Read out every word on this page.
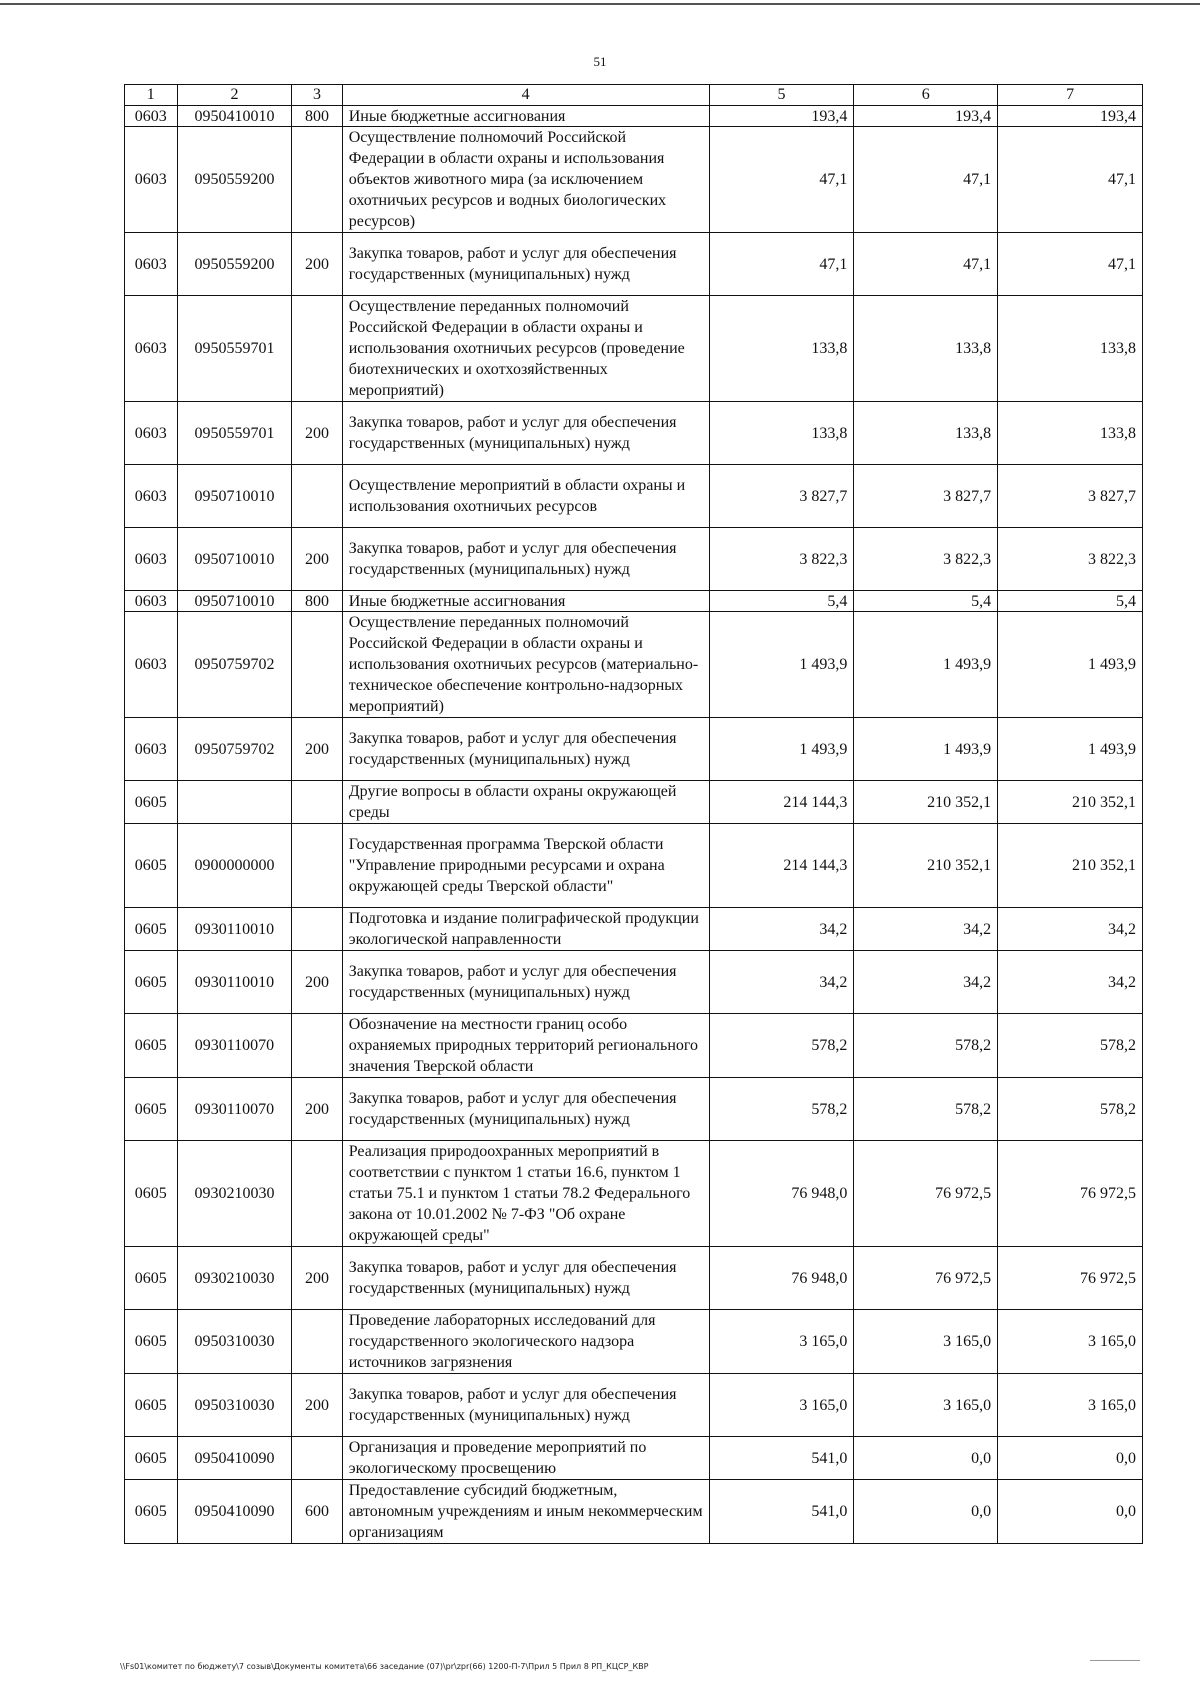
51
1	2	3	4	5	6	7
0603	0950410010	800	Иные бюджетные ассигнования	193,4	193,4	193,4
0603	0950559200		Осуществление полномочий Российской Федерации в области охраны и использования объектов животного мира (за исключением охотничьих ресурсов и водных биологических ресурсов)	47,1	47,1	47,1
0603	0950559200	200	Закупка товаров, работ и услуг для обеспечения государственных (муниципальных) нужд	47,1	47,1	47,1
0603	0950559701		Осуществление переданных полномочий Российской Федерации в области охраны и использования охотничьих ресурсов (проведение биотехнических и охотхозяйственных мероприятий)	133,8	133,8	133,8
0603	0950559701	200	Закупка товаров, работ и услуг для обеспечения государственных (муниципальных) нужд	133,8	133,8	133,8
0603	0950710010		Осуществление мероприятий в области охраны и использования охотничьих ресурсов	3 827,7	3 827,7	3 827,7
0603	0950710010	200	Закупка товаров, работ и услуг для обеспечения государственных (муниципальных) нужд	3 822,3	3 822,3	3 822,3
0603	0950710010	800	Иные бюджетные ассигнования	5,4	5,4	5,4
0603	0950759702		Осуществление переданных полномочий Российской Федерации в области охраны и использования охотничьих ресурсов (материально-техническое обеспечение контрольно-надзорных мероприятий)	1 493,9	1 493,9	1 493,9
0603	0950759702	200	Закупка товаров, работ и услуг для обеспечения государственных (муниципальных) нужд	1 493,9	1 493,9	1 493,9
0605			Другие вопросы в области охраны окружающей среды	214 144,3	210 352,1	210 352,1
0605	0900000000		Государственная программа Тверской области "Управление природными ресурсами и охрана окружающей среды Тверской области"	214 144,3	210 352,1	210 352,1
0605	0930110010		Подготовка и издание полиграфической продукции экологической направленности	34,2	34,2	34,2
0605	0930110010	200	Закупка товаров, работ и услуг для обеспечения государственных (муниципальных) нужд	34,2	34,2	34,2
0605	0930110070		Обозначение на местности границ особо охраняемых природных территорий регионального значения Тверской области	578,2	578,2	578,2
0605	0930110070	200	Закупка товаров, работ и услуг для обеспечения государственных (муниципальных) нужд	578,2	578,2	578,2
0605	0930210030		Реализация природоохранных мероприятий в соответствии с пунктом 1 статьи 16.6, пунктом 1 статьи 75.1 и пунктом 1 статьи 78.2 Федерального закона от 10.01.2002 № 7-ФЗ "Об охране окружающей среды"	76 948,0	76 972,5	76 972,5
0605	0930210030	200	Закупка товаров, работ и услуг для обеспечения государственных (муниципальных) нужд	76 948,0	76 972,5	76 972,5
0605	0950310030		Проведение лабораторных исследований для государственного экологического надзора источников загрязнения	3 165,0	3 165,0	3 165,0
0605	0950310030	200	Закупка товаров, работ и услуг для обеспечения государственных (муниципальных) нужд	3 165,0	3 165,0	3 165,0
0605	0950410090		Организация и проведение мероприятий по экологическому просвещению	541,0	0,0	0,0
0605	0950410090	600	Предоставление субсидий бюджетным, автономным учреждениям и иным некоммерческим организациям	541,0	0,0	0,0
\\Fs01\комитет по бюджету\7 созыв\Документы комитета\66 заседание (07)\pr\zpr(66) 1200-П-7\Прил 5 Прил 8 РП_КЦСР_КВР
